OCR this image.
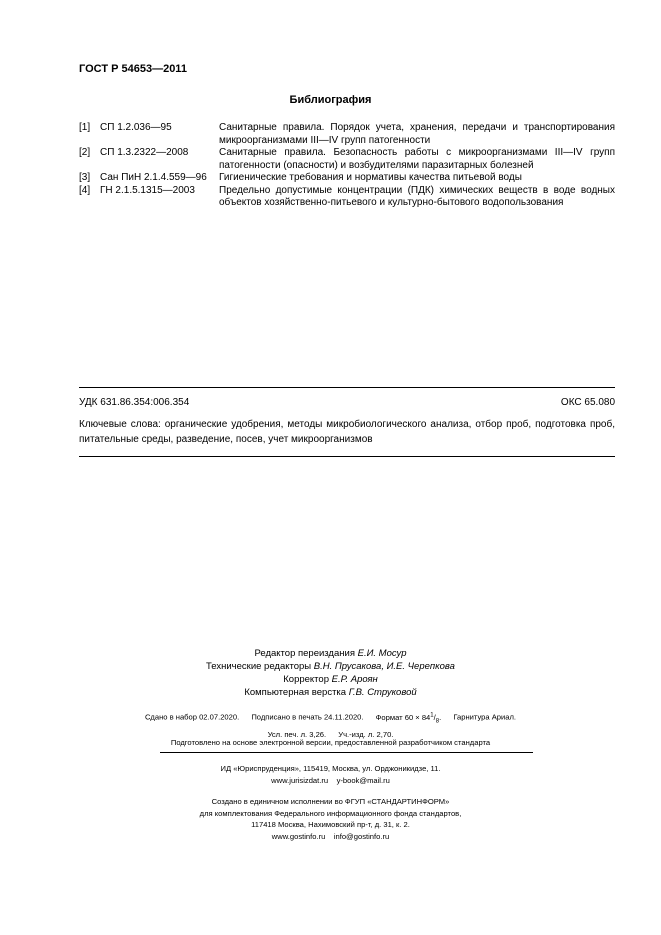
ГОСТ Р 54653—2011
Библиография
[1] СП 1.2.036—95	Санитарные правила. Порядок учета, хранения, передачи и транспортирования микроорганизмами III—IV групп патогенности
[2] СП 1.3.2322—2008	Санитарные правила. Безопасность работы с микроорганизмами III—IV групп патогенности (опасности) и возбудителями паразитарных болезней
[3] Сан ПиН 2.1.4.559—96	Гигиенические требования и нормативы качества питьевой воды
[4] ГН 2.1.5.1315—2003	Предельно допустимые концентрации (ПДК) химических веществ в воде водных объектов хозяйственно-питьевого и культурно-бытового водопользования
УДК 631.86.354:006.354	ОКС 65.080
Ключевые слова: органические удобрения, методы микробиологического анализа, отбор проб, подготовка проб, питательные среды, разведение, посев, учет микроорганизмов
Редактор переиздания Е.И. Мосур
Технические редакторы В.Н. Прусакова, И.Е. Черепкова
Корректор Е.Р. Ароян
Компьютерная верстка Г.В. Струковой
Сдано в набор 02.07.2020. Подписано в печать 24.11.2020. Формат $60 \times 84^1/_8$. Гарнитура Ариал.
Усл. печ. л. 3,26. Уч.-изд. л. 2,70.
Подготовлено на основе электронной версии, предоставленной разработчиком стандарта
ИД «Юриспруденция», 115419, Москва, ул. Орджоникидзе, 11.
www.jurisizdat.ru y-book@mail.ru
Создано в единичном исполнении во ФГУП «СТАНДАРТИНФОРМ»
для комплектования Федерального информационного фонда стандартов,
117418 Москва, Нахимовский пр-т, д. 31, к. 2.
www.gostinfo.ru info@gostinfo.ru
